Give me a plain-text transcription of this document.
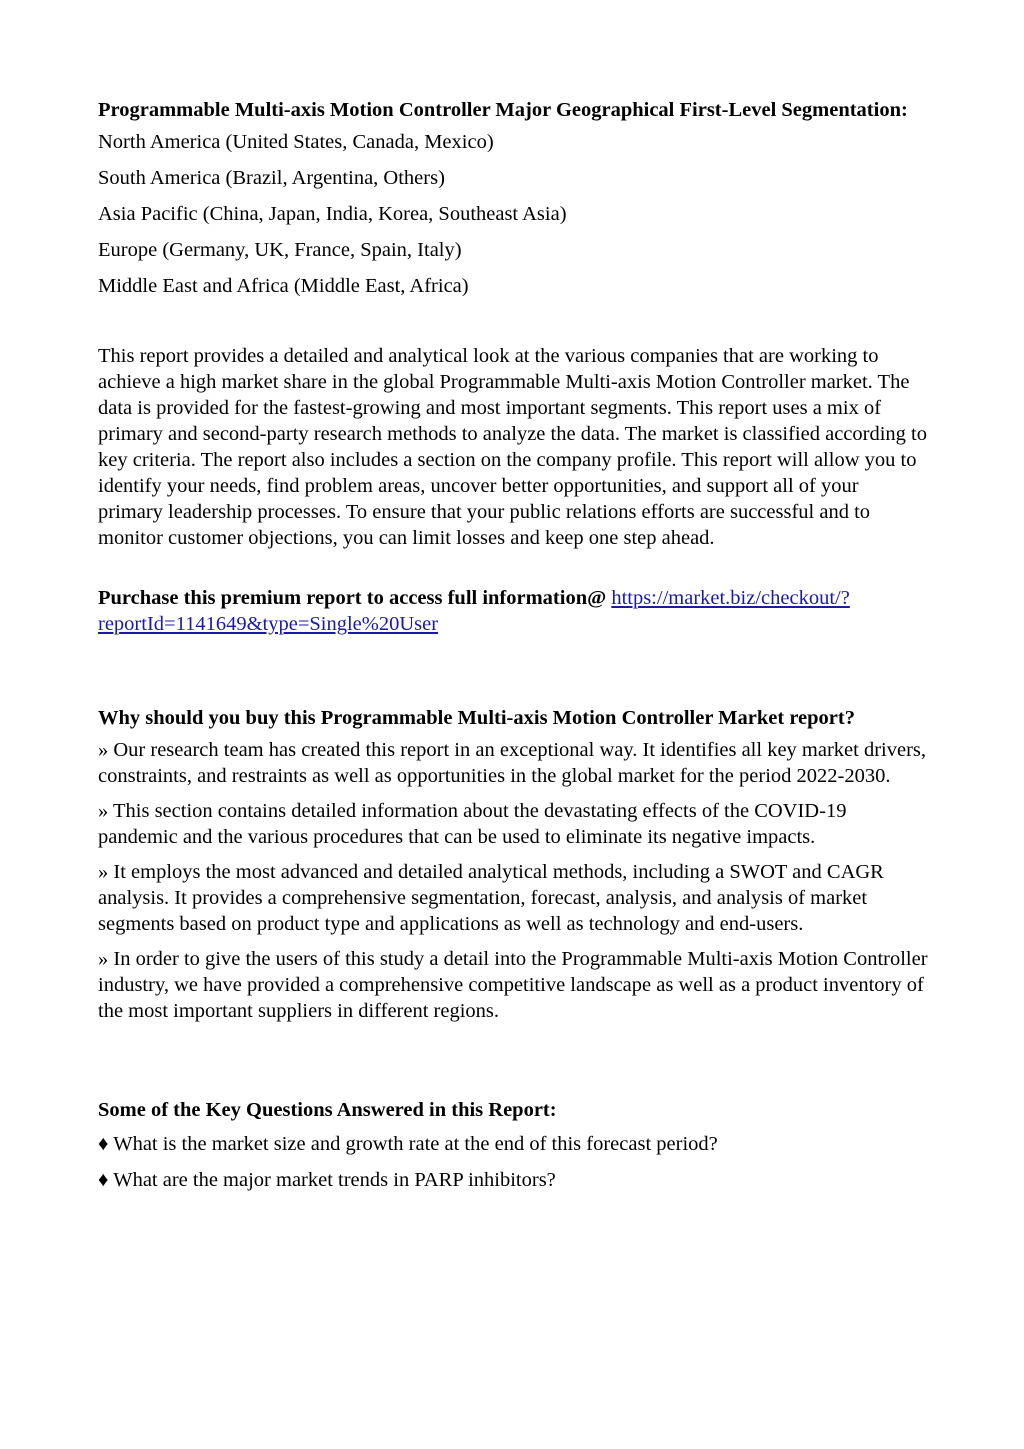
Programmable Multi-axis Motion Controller Major Geographical First-Level Segmentation:

North America (United States, Canada, Mexico)
South America (Brazil, Argentina, Others)
Asia Pacific (China, Japan, India, Korea, Southeast Asia)
Europe (Germany, UK, France, Spain, Italy)
Middle East and Africa (Middle East, Africa)

This report provides a detailed and analytical look at the various companies that are working to achieve a high market share in the global Programmable Multi-axis Motion Controller market. The data is provided for the fastest-growing and most important segments. This report uses a mix of primary and second-party research methods to analyze the data. The market is classified according to key criteria. The report also includes a section on the company profile. This report will allow you to identify your needs, find problem areas, uncover better opportunities, and support all of your primary leadership processes. To ensure that your public relations efforts are successful and to monitor customer objections, you can limit losses and keep one step ahead.

Purchase this premium report to access full information@ https://market.biz/checkout/?reportId=1141649&type=Single%20User

Why should you buy this Programmable Multi-axis Motion Controller Market report?

» Our research team has created this report in an exceptional way. It identifies all key market drivers, constraints, and restraints as well as opportunities in the global market for the period 2022-2030.
» This section contains detailed information about the devastating effects of the COVID-19 pandemic and the various procedures that can be used to eliminate its negative impacts.
» It employs the most advanced and detailed analytical methods, including a SWOT and CAGR analysis. It provides a comprehensive segmentation, forecast, analysis, and analysis of market segments based on product type and applications as well as technology and end-users.
» In order to give the users of this study a detail into the Programmable Multi-axis Motion Controller industry, we have provided a comprehensive competitive landscape as well as a product inventory of the most important suppliers in different regions.

Some of the Key Questions Answered in this Report:

♦ What is the market size and growth rate at the end of this forecast period?
♦ What are the major market trends in PARP inhibitors?
